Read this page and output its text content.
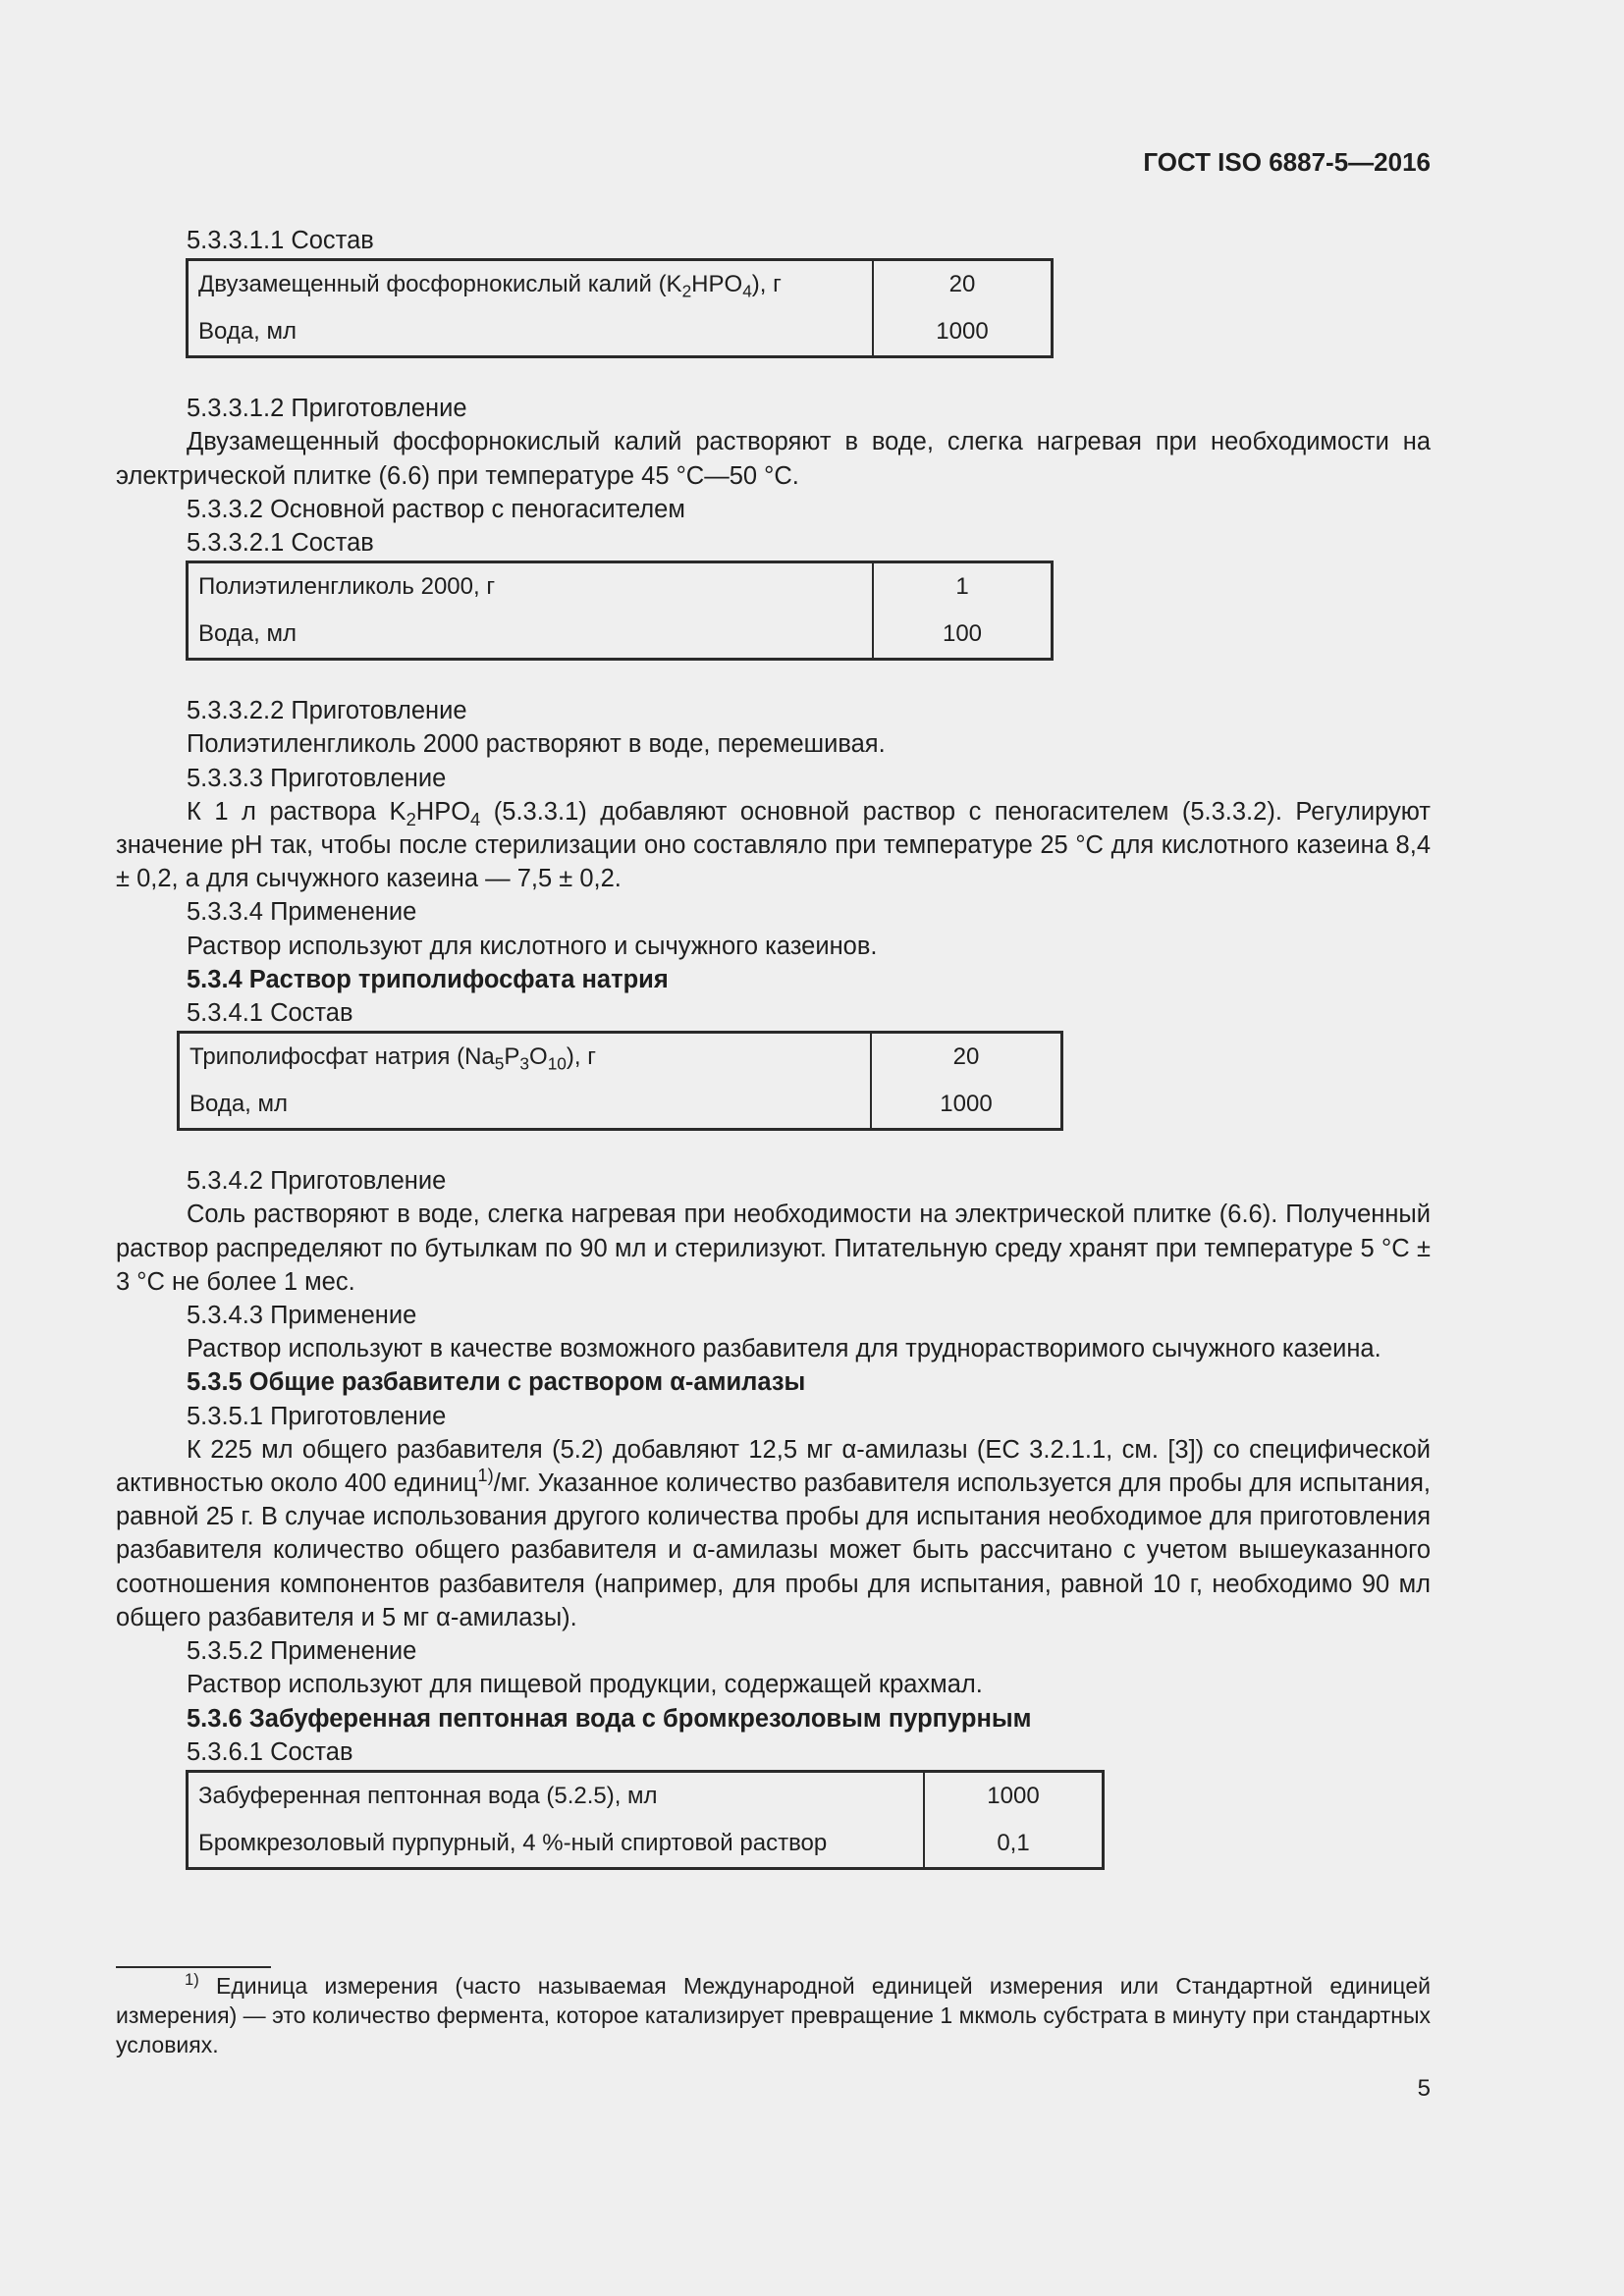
ГОСТ ISO 6887-5—2016

5.3.3.1.1 Состав

Двузамещенный фосфорнокислый калий $(K_2HPO_4)$, г	20
Вода, мл	1000

5.3.3.1.2 Приготовление

Двузамещенный фосфорнокислый калий растворяют в воде, слегка нагревая при необходимости на электрической плитке (6.6) при температуре 45 °С—50 °С.

5.3.3.2 Основной раствор с пеногасителем

5.3.3.2.1 Состав

Полиэтиленгликоль 2000, г	1
Вода, мл	100

5.3.3.2.2 Приготовление

Полиэтиленгликоль 2000 растворяют в воде, перемешивая.

5.3.3.3 Приготовление

К 1 л раствора $K_2HPO_4$ (5.3.3.1) добавляют основной раствор с пеногасителем (5.3.3.2). Регулируют значение pH так, чтобы после стерилизации оно составляло при температуре 25 °С для кислотного казеина 8,4 ± 0,2, а для сычужного казеина — 7,5 ± 0,2.

5.3.3.4 Применение

Раствор используют для кислотного и сычужного казеинов.

5.3.4 Раствор триполифосфата натрия

5.3.4.1 Состав

Триполифосфат натрия $(Na_5P_3O_{10})$, г	20
Вода, мл	1000

5.3.4.2 Приготовление

Соль растворяют в воде, слегка нагревая при необходимости на электрической плитке (6.6). Полученный раствор распределяют по бутылкам по 90 мл и стерилизуют. Питательную среду хранят при температуре 5 °С ± 3 °С не более 1 мес.

5.3.4.3 Применение

Раствор используют в качестве возможного разбавителя для труднорастворимого сычужного казеина.

5.3.5 Общие разбавители с раствором α-амилазы

5.3.5.1 Приготовление

К 225 мл общего разбавителя (5.2) добавляют 12,5 мг α-амилазы (ЕС 3.2.1.1, см. [3]) со специфической активностью около 400 единиц$^{1)}$/мг. Указанное количество разбавителя используется для пробы для испытания, равной 25 г. В случае использования другого количества пробы для испытания необходимое для приготовления разбавителя количество общего разбавителя и α-амилазы может быть рассчитано с учетом вышеуказанного соотношения компонентов разбавителя (например, для пробы для испытания, равной 10 г, необходимо 90 мл общего разбавителя и 5 мг α-амилазы).

5.3.5.2 Применение

Раствор используют для пищевой продукции, содержащей крахмал.

5.3.6 Забуференная пептонная вода с бромкрезоловым пурпурным

5.3.6.1 Состав

Забуференная пептонная вода (5.2.5), мл	1000
Бромкрезоловый пурпурный, 4 %-ный спиртовой раствор	0,1

$^{1)}$ Единица измерения (часто называемая Международной единицей измерения или Стандартной единицей измерения) — это количество фермента, которое катализирует превращение 1 мкмоль субстрата в минуту при стандартных условиях.

5
